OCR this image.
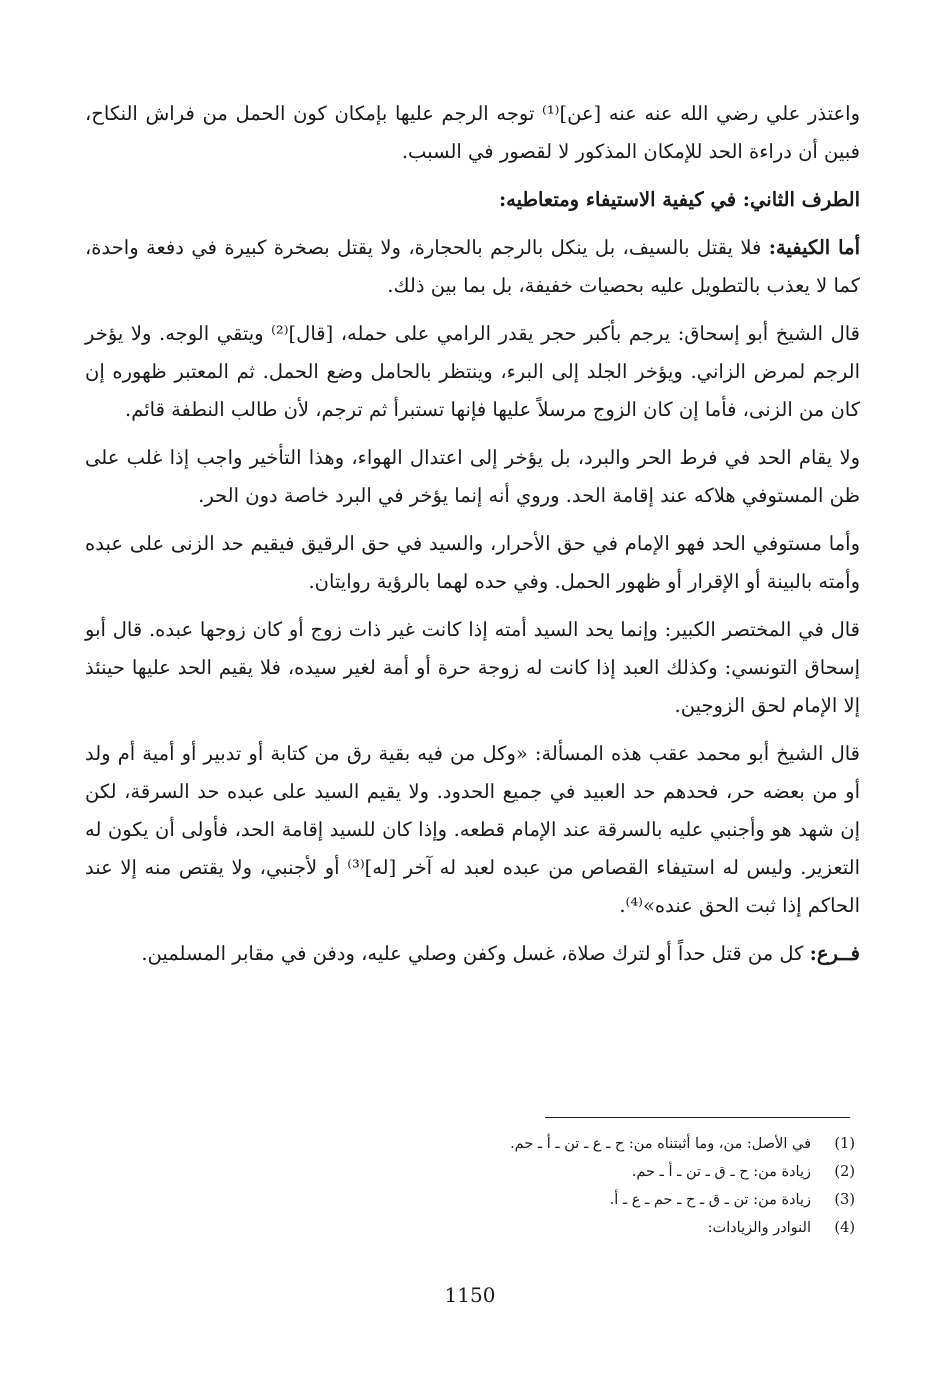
واعتذر علي رضي الله عنه عنه [عن]⁽¹⁾ توجه الرجم عليها بإمكان كون الحمل من فراش النكاح، فبين أن دراءة الحد للإمكان المذكور لا لقصور في السبب.

الطرف الثاني: في كيفية الاستيفاء ومتعاطيه:

أما الكيفية: فلا يقتل بالسيف، بل ينكل بالرجم بالحجارة، ولا يقتل بصخرة كبيرة في دفعة واحدة، كما لا يعذب بالتطويل عليه بحصيات خفيفة، بل بما بين ذلك.

قال الشيخ أبو إسحاق: يرجم بأكبر حجر يقدر الرامي على حمله، [قال]⁽²⁾ ويتقي الوجه. ولا يؤخر الرجم لمرض الزاني. ويؤخر الجلد إلى البرء، وينتظر بالحامل وضع الحمل. ثم المعتبر ظهوره إن كان من الزنى، فأما إن كان الزوج مرسلاً عليها فإنها تستبرأ ثم ترجم، لأن طالب النطفة قائم.

ولا يقام الحد في فرط الحر والبرد، بل يؤخر إلى اعتدال الهواء، وهذا التأخير واجب إذا غلب على ظن المستوفي هلاكه عند إقامة الحد. وروي أنه إنما يؤخر في البرد خاصة دون الحر.

وأما مستوفي الحد فهو الإمام في حق الأحرار، والسيد في حق الرقيق فيقيم حد الزنى على عبده وأمته بالبينة أو الإقرار أو ظهور الحمل. وفي حده لهما بالرؤية روايتان.

قال في المختصر الكبير: وإنما يحد السيد أمته إذا كانت غير ذات زوج أو كان زوجها عبده. قال أبو إسحاق التونسي: وكذلك العبد إذا كانت له زوجة حرة أو أمة لغير سيده، فلا يقيم الحد عليها حينئذ إلا الإمام لحق الزوجين.

قال الشيخ أبو محمد عقب هذه المسألة: «وكل من فيه بقية رق من كتابة أو تدبير أو أمية أم ولد أو من بعضه حر، فحدهم حد العبيد في جميع الحدود. ولا يقيم السيد على عبده حد السرقة، لكن إن شهد هو وأجنبي عليه بالسرقة عند الإمام قطعه. وإذا كان للسيد إقامة الحد، فأولى أن يكون له التعزير. وليس له استيفاء القصاص من عبده لعبد له آخر [له]⁽³⁾ أو لأجنبي، ولا يقتص منه إلا عند الحاكم إذا ثبت الحق عنده»⁽⁴⁾.

فــرع: كل من قتل حداً أو لترك صلاة، غسل وكفن وصلي عليه، ودفن في مقابر المسلمين.

(1)
في الأصل: من، وما أثبتناه من: ح ـ ع ـ تن ـ أ ـ حم.
(2)
زيادة من: ح ـ ق ـ تن ـ أ ـ حم.
(3)
زيادة من: تن ـ ق ـ ح ـ حم ـ ع ـ أ.
(4)
النوادر والزيادات:
1150
